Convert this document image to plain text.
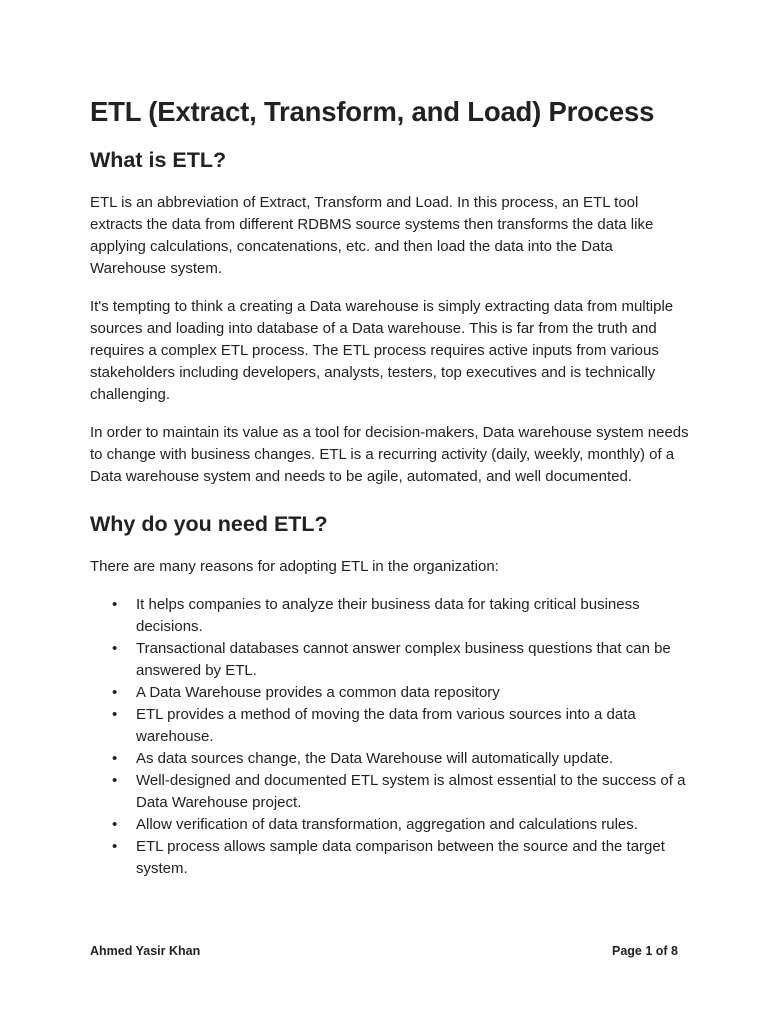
ETL (Extract, Transform, and Load) Process
What is ETL?

ETL is an abbreviation of Extract, Transform and Load. In this process, an ETL tool extracts the data from different RDBMS source systems then transforms the data like applying calculations, concatenations, etc. and then load the data into the Data Warehouse system.

It's tempting to think a creating a Data warehouse is simply extracting data from multiple sources and loading into database of a Data warehouse. This is far from the truth and requires a complex ETL process. The ETL process requires active inputs from various stakeholders including developers, analysts, testers, top executives and is technically challenging.

In order to maintain its value as a tool for decision-makers, Data warehouse system needs to change with business changes. ETL is a recurring activity (daily, weekly, monthly) of a Data warehouse system and needs to be agile, automated, and well documented.

Why do you need ETL?

There are many reasons for adopting ETL in the organization:

• It helps companies to analyze their business data for taking critical business decisions.
• Transactional databases cannot answer complex business questions that can be answered by ETL.
• A Data Warehouse provides a common data repository
• ETL provides a method of moving the data from various sources into a data warehouse.
• As data sources change, the Data Warehouse will automatically update.
• Well-designed and documented ETL system is almost essential to the success of a Data Warehouse project.
• Allow verification of data transformation, aggregation and calculations rules.
• ETL process allows sample data comparison between the source and the target system.
Ahmed Yasir Khan	Page 1 of 8
